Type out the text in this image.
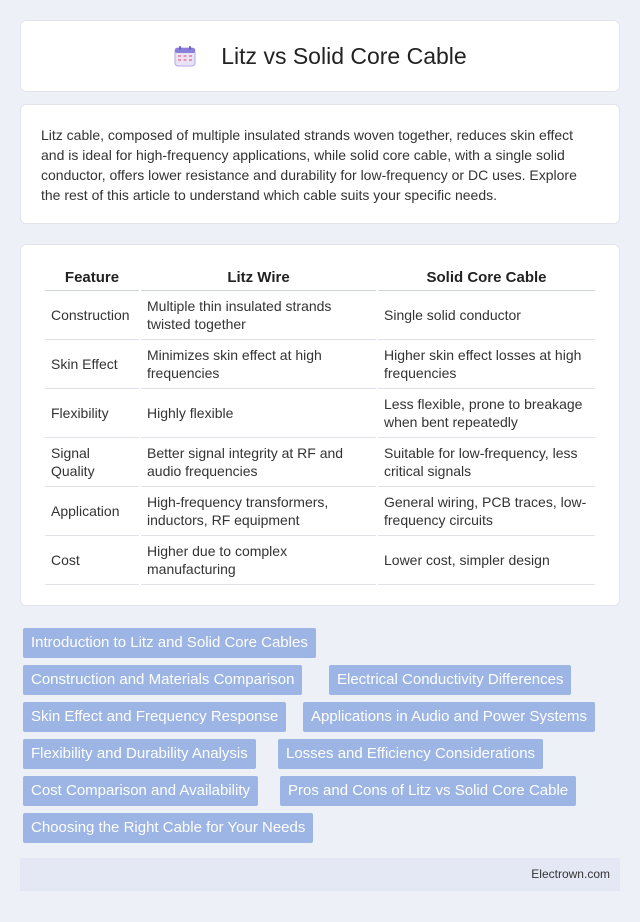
Litz vs Solid Core Cable

Litz cable, composed of multiple insulated strands woven together, reduces skin effect and is ideal for high-frequency applications, while solid core cable, with a single solid conductor, offers lower resistance and durability for low-frequency or DC uses. Explore the rest of this article to understand which cable suits your specific needs.

Feature	Litz Wire	Solid Core Cable
Construction	Multiple thin insulated strands twisted together	Single solid conductor
Skin Effect	Minimizes skin effect at high frequencies	Higher skin effect losses at high frequencies
Flexibility	Highly flexible	Less flexible, prone to breakage when bent repeatedly
Signal Quality	Better signal integrity at RF and audio frequencies	Suitable for low-frequency, less critical signals
Application	High-frequency transformers, inductors, RF equipment	General wiring, PCB traces, low-frequency circuits
Cost	Higher due to complex manufacturing	Lower cost, simpler design
Introduction to Litz and Solid Core Cables
Construction and Materials Comparison	Electrical Conductivity Differences
Skin Effect and Frequency Response	Applications in Audio and Power Systems
Flexibility and Durability Analysis	Losses and Efficiency Considerations
Cost Comparison and Availability	Pros and Cons of Litz vs Solid Core Cable
Choosing the Right Cable for Your Needs
Electrown.com
